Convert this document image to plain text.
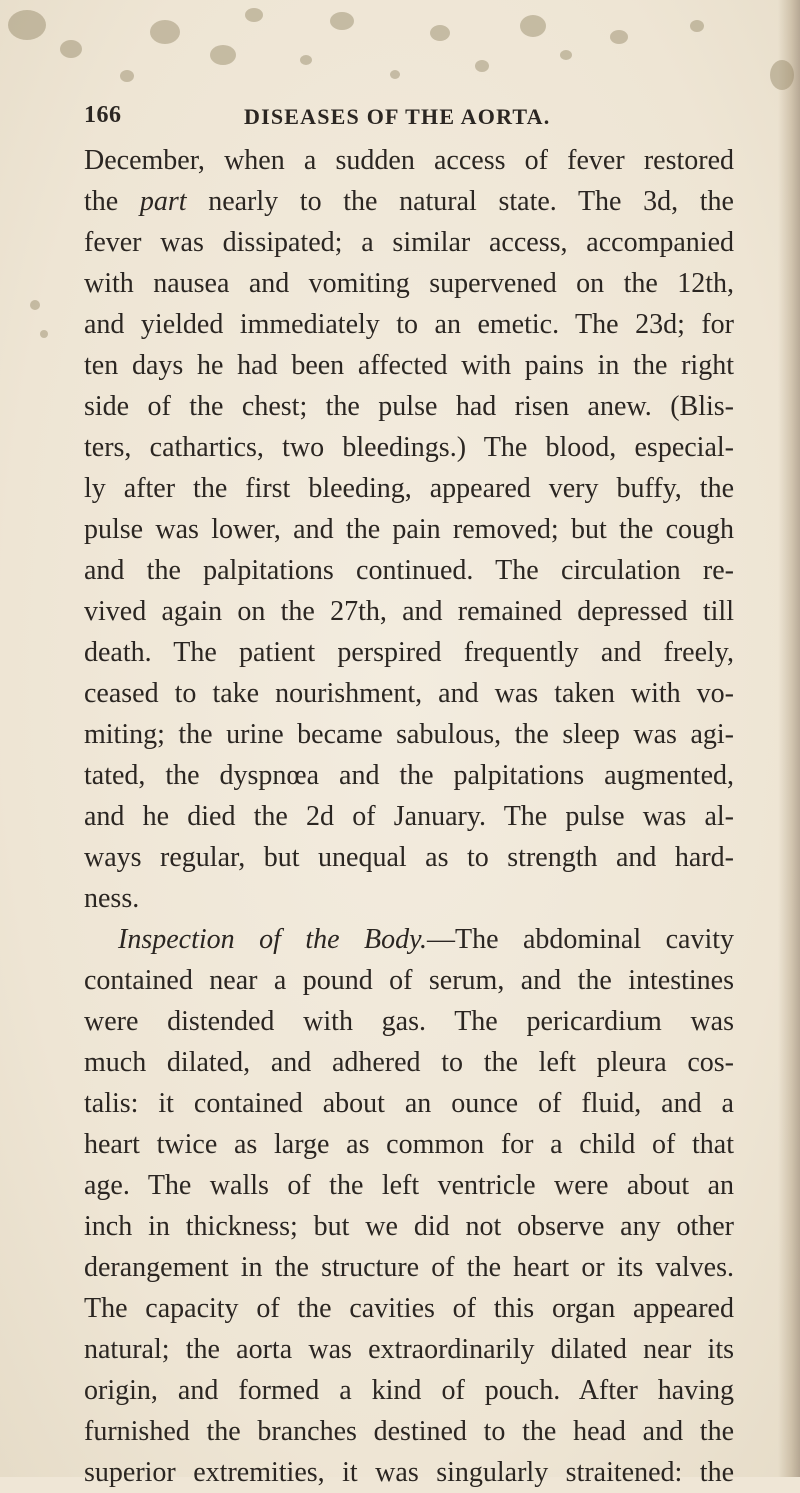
166	DISEASES OF THE AORTA.
December, when a sudden access of fever restored
the part nearly to the natural state. The 3d, the
fever was dissipated; a similar access, accompanied
with nausea and vomiting supervened on the 12th,
and yielded immediately to an emetic. The 23d; for
ten days he had been affected with pains in the right
side of the chest; the pulse had risen anew. (Blis-
ters, cathartics, two bleedings.) The blood, especial-
ly after the first bleeding, appeared very buffy, the
pulse was lower, and the pain removed; but the cough
and the palpitations continued. The circulation re-
vived again on the 27th, and remained depressed till
death. The patient perspired frequently and freely,
ceased to take nourishment, and was taken with vo-
miting; the urine became sabulous, the sleep was agi-
tated, the dyspnœa and the palpitations augmented,
and he died the 2d of January. The pulse was al-
ways regular, but unequal as to strength and hard-
ness.
Inspection of the Body.—The abdominal cavity
contained near a pound of serum, and the intestines
were distended with gas. The pericardium was
much dilated, and adhered to the left pleura cos-
talis: it contained about an ounce of fluid, and a
heart twice as large as common for a child of that
age. The walls of the left ventricle were about an
inch in thickness; but we did not observe any other
derangement in the structure of the heart or its valves.
The capacity of the cavities of this organ appeared
natural; the aorta was extraordinarily dilated near its
origin, and formed a kind of pouch. After having
furnished the branches destined to the head and the
superior extremities, it was singularly straitened: the
